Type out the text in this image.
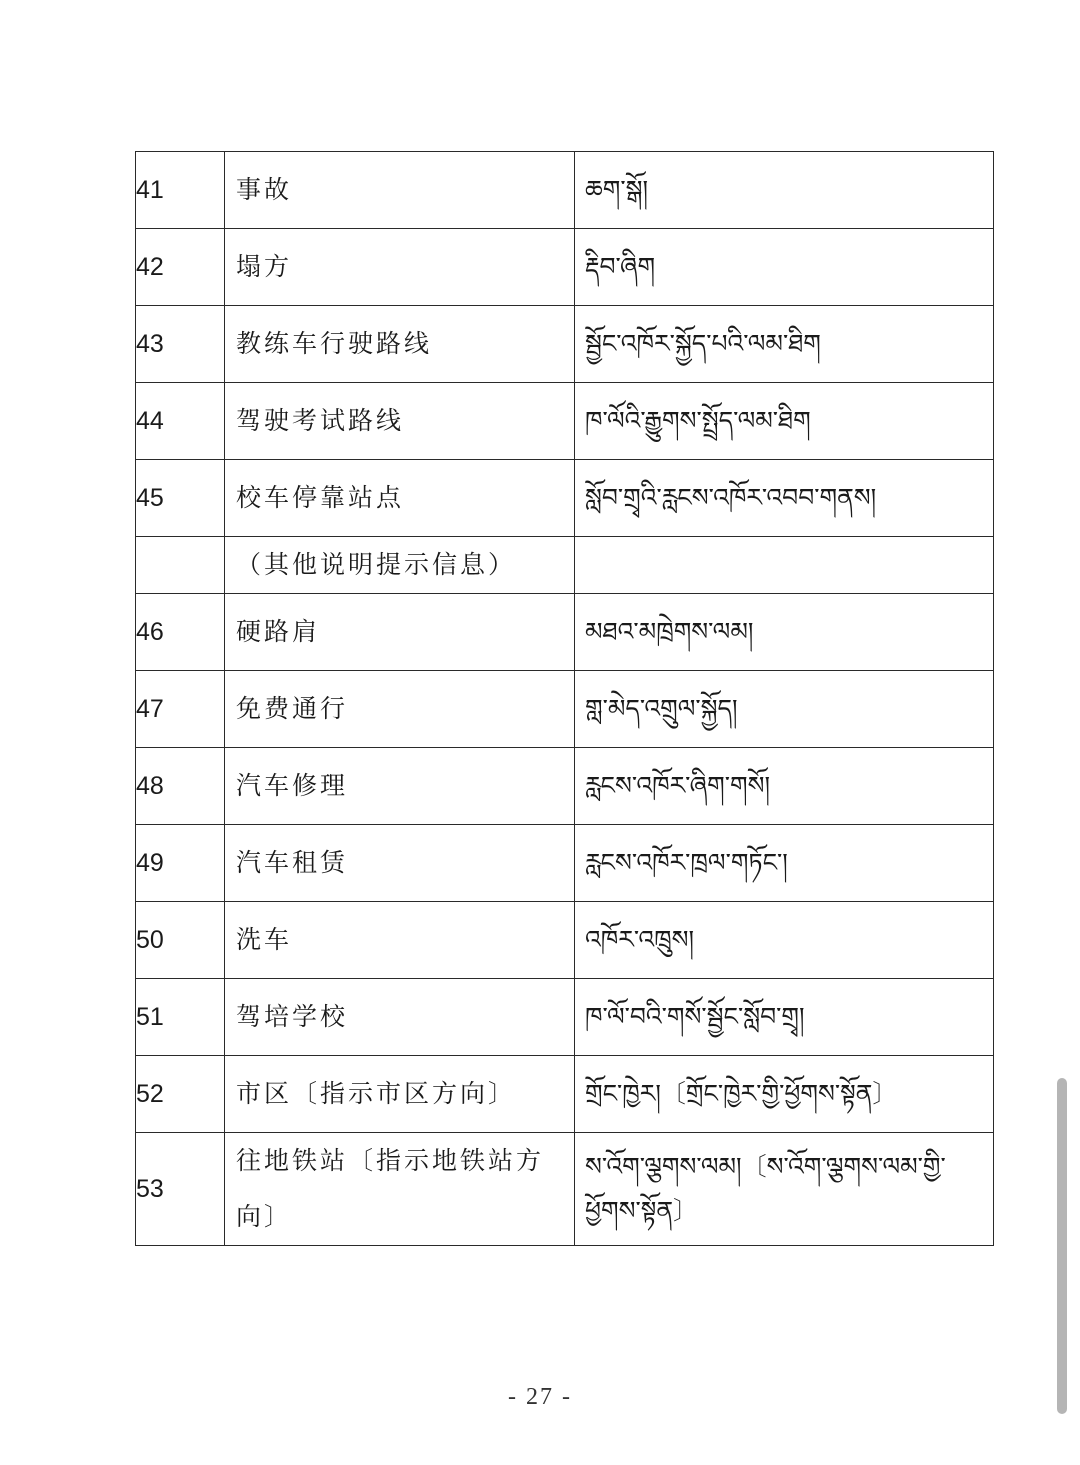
41	事故	ཆག་སྒོ།
42	塌方	རྡིབ་ཞིག
43	教练车行驶路线	སྦྱོང་འཁོར་སྐྱོད་པའི་ལམ་ཐིག
44	驾驶考试路线	ཁ་ལོའི་རྒྱུགས་སྤྲོད་ལམ་ཐིག
45	校车停靠站点	སློབ་གྲྭའི་རླངས་འཁོར་འབབ་གནས།
	（其他说明提示信息）	
46	硬路肩	མཐའ་མཁྲེགས་ལམ།
47	免费通行	གླ་མེད་འགྲུལ་སྐྱོད།
48	汽车修理	རླངས་འཁོར་ཞིག་གསོ།
49	汽车租赁	རླངས་འཁོར་ཁྲལ་གཏོང་།
50	洗车	འཁོར་འཁྲུས།
51	驾培学校	ཁ་ལོ་བའི་གསོ་སྦྱོང་སློབ་གྲྭ།
52	市区〔指示市区方向〕	གྲོང་ཁྱེར།〔གྲོང་ཁྱེར་གྱི་ཕྱོགས་སྟོན〕
53	往地铁站〔指示地铁站方向〕	ས་འོག་ལྕགས་ལམ།〔ས་འོག་ལྕགས་ལམ་གྱི་ཕྱོགས་སྟོན〕
- 27 -
